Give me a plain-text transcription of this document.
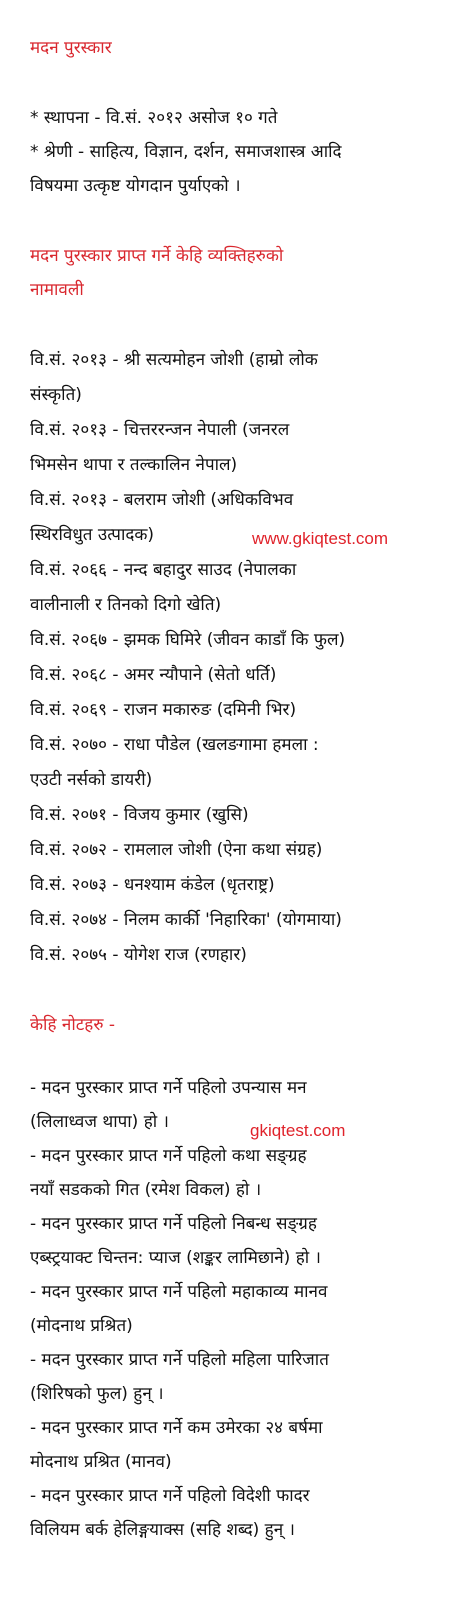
मदन पुरस्कार
* स्थापना - वि.सं. २०१२ असोज १० गते
* श्रेणी - साहित्य, विज्ञान, दर्शन, समाजशास्त्र आदि
विषयमा उत्कृष्ट योगदान पुर्याएको ।
मदन पुरस्कार प्राप्त गर्ने केहि व्यक्तिहरुको
नामावली
वि.सं. २०१३ - श्री सत्यमोहन जोशी (हाम्रो लोक
संस्कृति)
वि.सं. २०१३ - चित्तररन्जन नेपाली (जनरल
भिमसेन थापा र तल्कालिन नेपाल)
वि.सं. २०१३ - बलराम जोशी (अधिकविभव
स्थिरविधुत उत्पादक)
वि.सं. २०६६ - नन्द बहादुर साउद (नेपालका
वालीनाली र तिनको दिगो खेति)
वि.सं. २०६७ - झमक घिमिरे (जीवन काडाँ कि फुल)
वि.सं. २०६८ - अमर न्यौपाने (सेतो धर्ति)
वि.सं. २०६९ - राजन मकारुङ (दमिनी भिर)
वि.सं. २०७० - राधा पौडेल (खलङगामा हमला :
एउटी नर्सको डायरी)
वि.सं. २०७१ - विजय कुमार (खुसि)
वि.सं. २०७२ - रामलाल जोशी (ऐना कथा संग्रह)
वि.सं. २०७३ - धनश्याम कंडेल (धृतराष्ट्र)
वि.सं. २०७४ - निलम कार्की 'निहारिका' (योगमाया)
वि.सं. २०७५ - योगेश राज (रणहार)
केहि नोटहरु -
- मदन पुरस्कार प्राप्त गर्ने पहिलो उपन्यास मन
(लिलाध्वज थापा) हो ।
- मदन पुरस्कार प्राप्त गर्ने पहिलो कथा सङ्ग्रह
नयाँ सडकको गित (रमेश विकल) हो ।
- मदन पुरस्कार प्राप्त गर्ने पहिलो निबन्ध सङ्ग्रह
एब्स्ट्रयाक्ट चिन्तन: प्याज (शङ्कर लामिछाने) हो ।
- मदन पुरस्कार प्राप्त गर्ने पहिलो महाकाव्य मानव
(मोदनाथ प्रश्रित)
- मदन पुरस्कार प्राप्त गर्ने पहिलो महिला पारिजात
(शिरिषको फुल) हुन् ।
- मदन पुरस्कार प्राप्त गर्ने कम उमेरका २४ बर्षमा
मोदनाथ प्रश्रित (मानव)
- मदन पुरस्कार प्राप्त गर्ने पहिलो विदेशी फादर
विलियम बर्क हेलिङ्गयाक्स (सहि शब्द) हुन् ।
www.gkiqtest.com
gkiqtest.com
